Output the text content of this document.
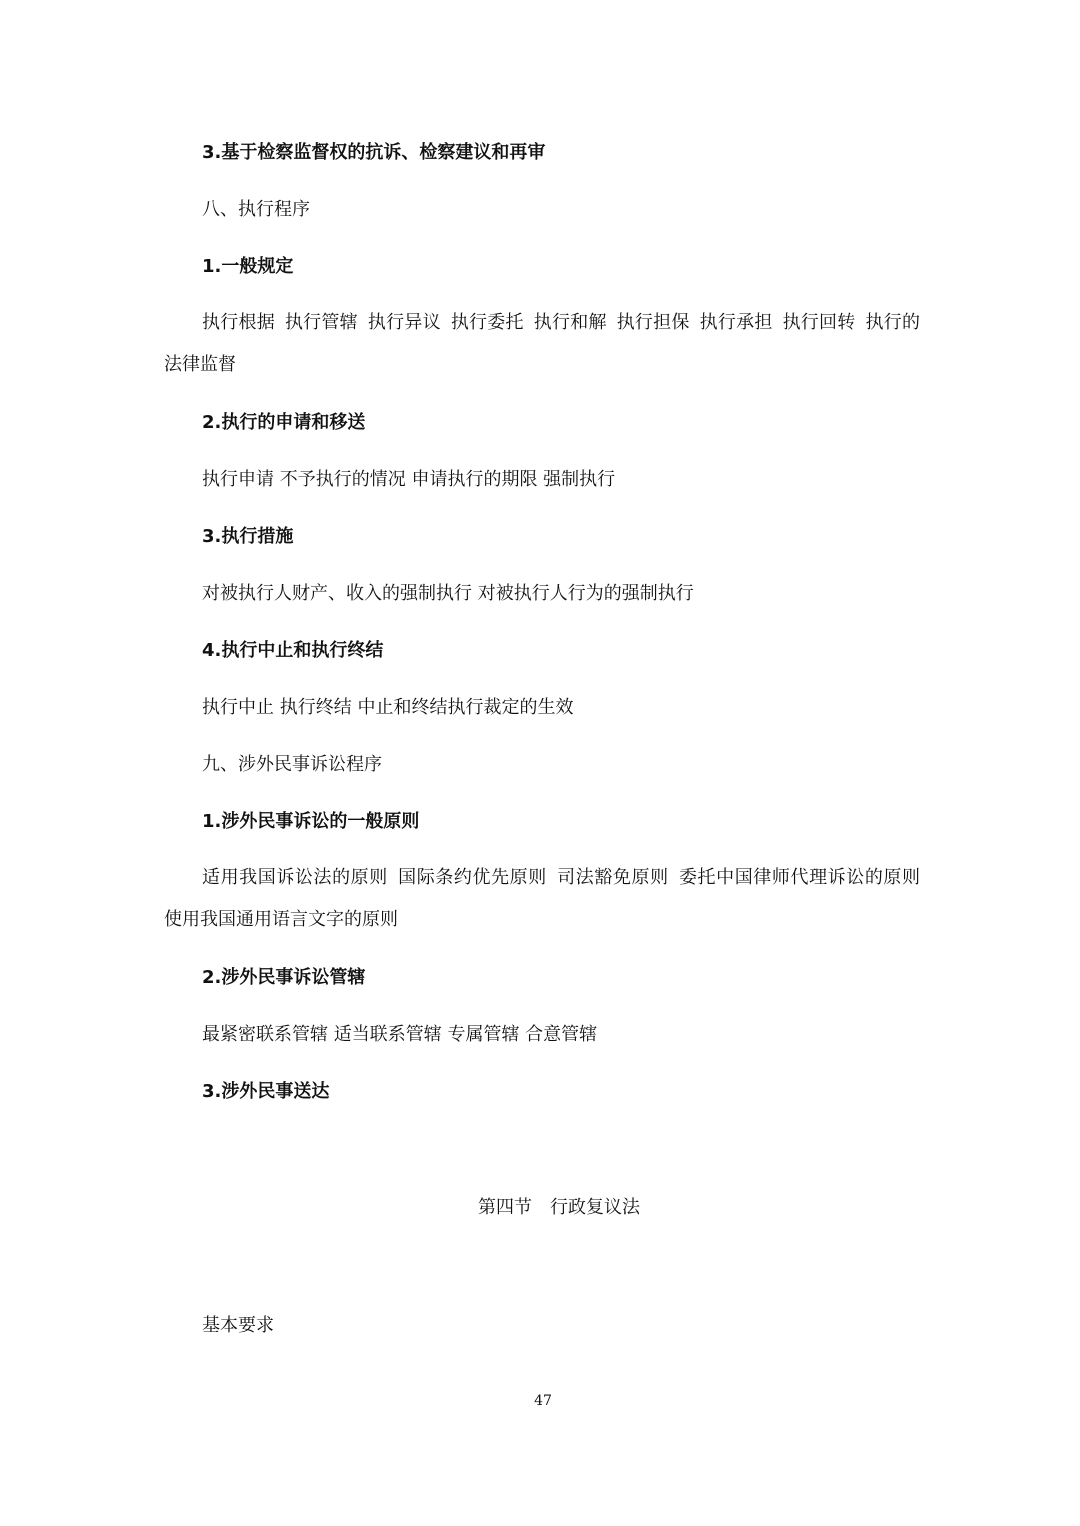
3.基于检察监督权的抗诉、检察建议和再审
八、执行程序
1.一般规定
执行根据 执行管辖 执行异议 执行委托 执行和解 执行担保 执行承担 执行回转 执行的法律监督
2.执行的申请和移送
执行申请 不予执行的情况 申请执行的期限 强制执行
3.执行措施
对被执行人财产、收入的强制执行 对被执行人行为的强制执行
4.执行中止和执行终结
执行中止 执行终结 中止和终结执行裁定的生效
九、涉外民事诉讼程序
1.涉外民事诉讼的一般原则
适用我国诉讼法的原则 国际条约优先原则 司法豁免原则 委托中国律师代理诉讼的原则 使用我国通用语言文字的原则
2.涉外民事诉讼管辖
最紧密联系管辖 适当联系管辖 专属管辖 合意管辖
3.涉外民事送达
第四节　行政复议法
基本要求
47
